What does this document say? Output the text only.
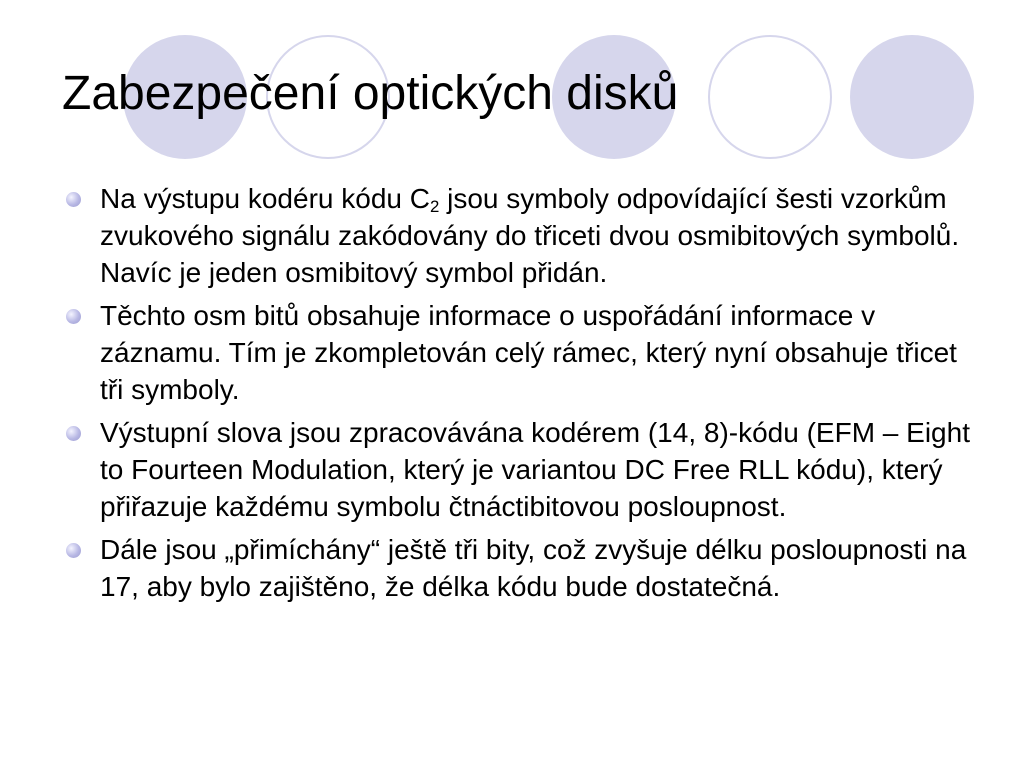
Zabezpečení optických disků
Na výstupu kodéru kódu $C_2$ jsou symboly odpovídající šesti vzorkům zvukového signálu zakódovány do třiceti dvou osmibitových symbolů. Navíc je jeden osmibitový symbol přidán.
Těchto osm bitů obsahuje informace o uspořádání informace v záznamu. Tím je zkompletován celý rámec, který nyní obsahuje třicet tři symboly.
Výstupní slova jsou zpracovávána kodérem (14, 8)-kódu (EFM – Eight to Fourteen Modulation, který je variantou DC Free RLL kódu), který přiřazuje každému symbolu čtnáctibitovou posloupnost.
Dále jsou „přimíchány“ ještě tři bity, což zvyšuje délku posloupnosti na 17, aby bylo zajištěno, že délka kódu bude dostatečná.
